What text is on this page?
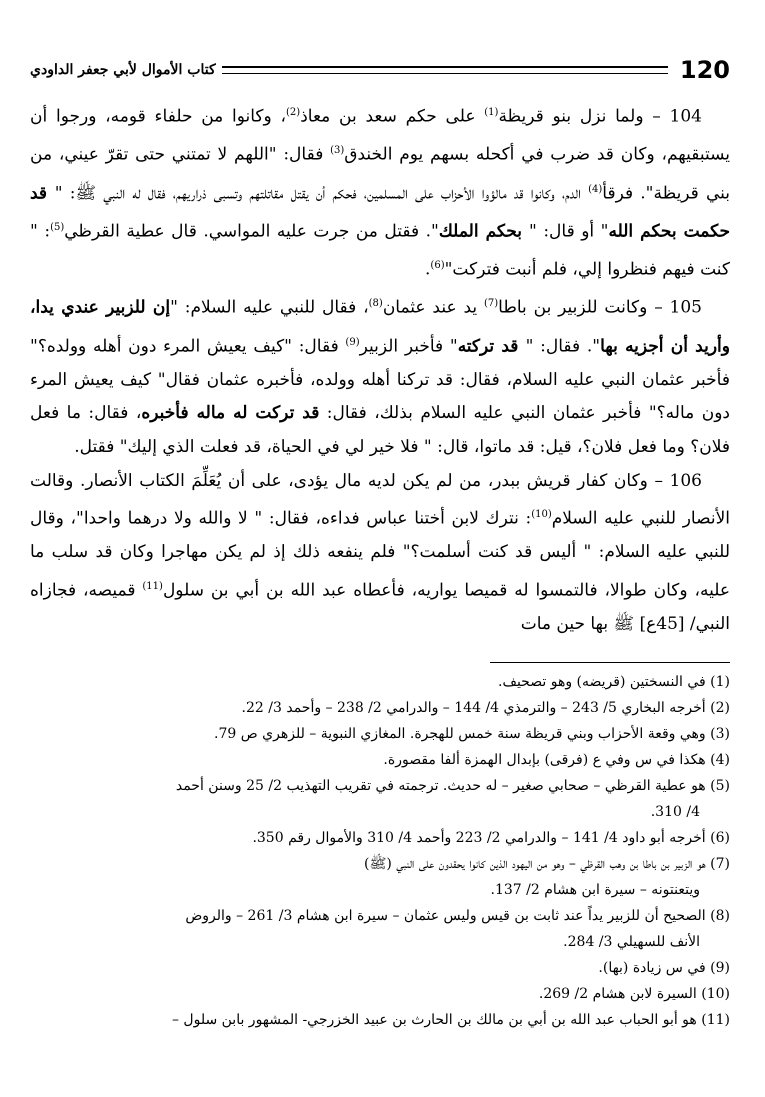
120
كتاب الأموال لأبي جعفر الداودي

104 – ولما نزل بنو قريظة$^{(1)}$ على حكم سعد بن معاذ$^{(2)}$، وكانوا من حلفاء قومه، ورجوا أن يستبقيهم، وكان قد ضرب في أكحله بسهم يوم الخندق$^{(3)}$ فقال: "اللهم لا تمتني حتى تقرّ عيني، من بني قريظة". فرقأ$^{(4)}$ الدم، وكانوا قد مالؤوا الأحزاب على المسلمين، فحكم أن يقتل مقاتلتهم وتسبى ذراريهم، فقال له النبي ﷺ: " قد حكمت بحكم الله" أو قال: " بحكم الملك". فقتل من جرت عليه المواسي. قال عطية القرظي$^{(5)}$: " كنت فيهم فنظروا إلي، فلم أنبت فتركت"$^{(6)}$.

105 – وكانت للزبير بن باطا$^{(7)}$ يد عند عثمان$^{(8)}$، فقال للنبي عليه السلام: "إن للزبير عندي يدا، وأريد أن أجزيه بها". فقال: " قد تركته" فأخبر الزبير$^{(9)}$ فقال: "كيف يعيش المرء دون أهله وولده؟" فأخبر عثمان النبي عليه السلام، فقال: قد تركنا أهله وولده، فأخبره عثمان فقال" كيف يعيش المرء دون ماله؟" فأخبر عثمان النبي عليه السلام بذلك، فقال: قد تركت له ماله فأخبره، فقال: ما فعل فلان؟ وما فعل فلان؟، قيل: قد ماتوا، قال: " فلا خير لي في الحياة، قد فعلت الذي إليك" فقتل.

106 – وكان كفار قريش ببدر، من لم يكن لديه مال يؤدى، على أن يُعَلِّمَ الكتاب الأنصار. وقالت الأنصار للنبي عليه السلام$^{(10)}$: نترك لابن أختنا عباس فداءه، فقال: " لا والله ولا درهما واحدا"، وقال للنبي عليه السلام: " أليس قد كنت أسلمت؟" فلم ينفعه ذلك إذ لم يكن مهاجرا وكان قد سلب ما عليه، وكان طوالا، فالتمسوا له قميصا يواريه، فأعطاه عبد الله بن أبي بن سلول$^{(11)}$ قميصه، فجازاه النبي/ [45ع] ﷺ بها حين مات

(1) في النسختين (قريضه) وهو تصحيف.

(2) أخرجه البخاري 5/ 243 – والترمذي 4/ 144 – والدرامي 2/ 238 – وأحمد 3/ 22.

(3) وهي وقعة الأحزاب وبني قريظة سنة خمس للهجرة. المغازي النبوية – للزهري ص 79.

(4) هكذا في س وفي ع (فرقى) بإبدال الهمزة ألفا مقصورة.

(5) هو عطية القرظي – صحابي صغير – له حديث. ترجمته في تقريب التهذيب 2/ 25 وسنن أحمد

4/ 310.

(6) أخرجه أبو داود 4/ 141 – والدرامي 2/ 223 وأحمد 4/ 310 والأموال رقم 350.

(7) هو الزبير بن باطا بن وهب القرظي – وهو من اليهود الذين كانوا يحقدون على النبي (ﷺ)

ويتعنتونه – سيرة ابن هشام 2/ 137.

(8) الصحيح أن للزبير يداً عند ثابت بن قيس وليس عثمان – سيرة ابن هشام 3/ 261 – والروض

الأنف للسهيلي 3/ 284.

(9) في س زيادة (بها).

(10) السيرة لابن هشام 2/ 269.

(11) هو أبو الحباب عبد الله بن أبي بن مالك بن الحارث بن عبيد الخزرجي- المشهور بابن سلول –
